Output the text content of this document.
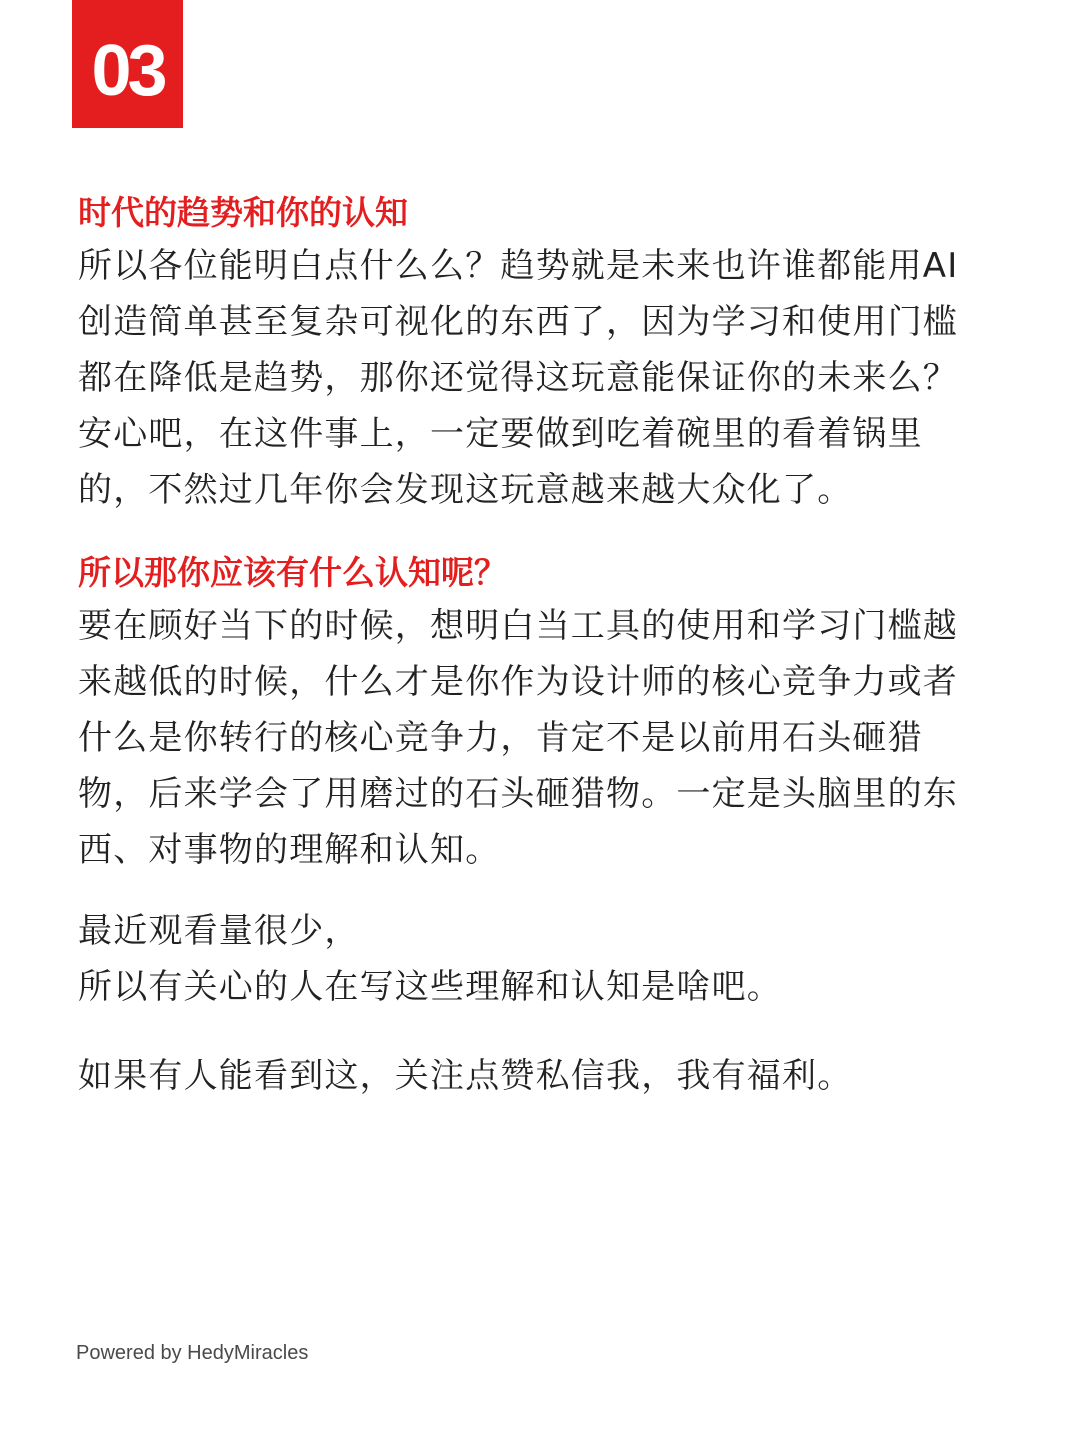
03
时代的趋势和你的认知

所以各位能明白点什么么？趋势就是未来也许谁都能用AI
创造简单甚至复杂可视化的东西了，因为学习和使用门槛
都在降低是趋势，那你还觉得这玩意能保证你的未来么？
安心吧，在这件事上，一定要做到吃着碗里的看着锅里
的，不然过几年你会发现这玩意越来越大众化了。

所以那你应该有什么认知呢？

要在顾好当下的时候，想明白当工具的使用和学习门槛越
来越低的时候，什么才是你作为设计师的核心竞争力或者
什么是你转行的核心竞争力，肯定不是以前用石头砸猎
物，后来学会了用磨过的石头砸猎物。一定是头脑里的东
西、对事物的理解和认知。

最近观看量很少，
所以有关心的人在写这些理解和认知是啥吧。

如果有人能看到这，关注点赞私信我，我有福利。

Powered by HedyMiracles
